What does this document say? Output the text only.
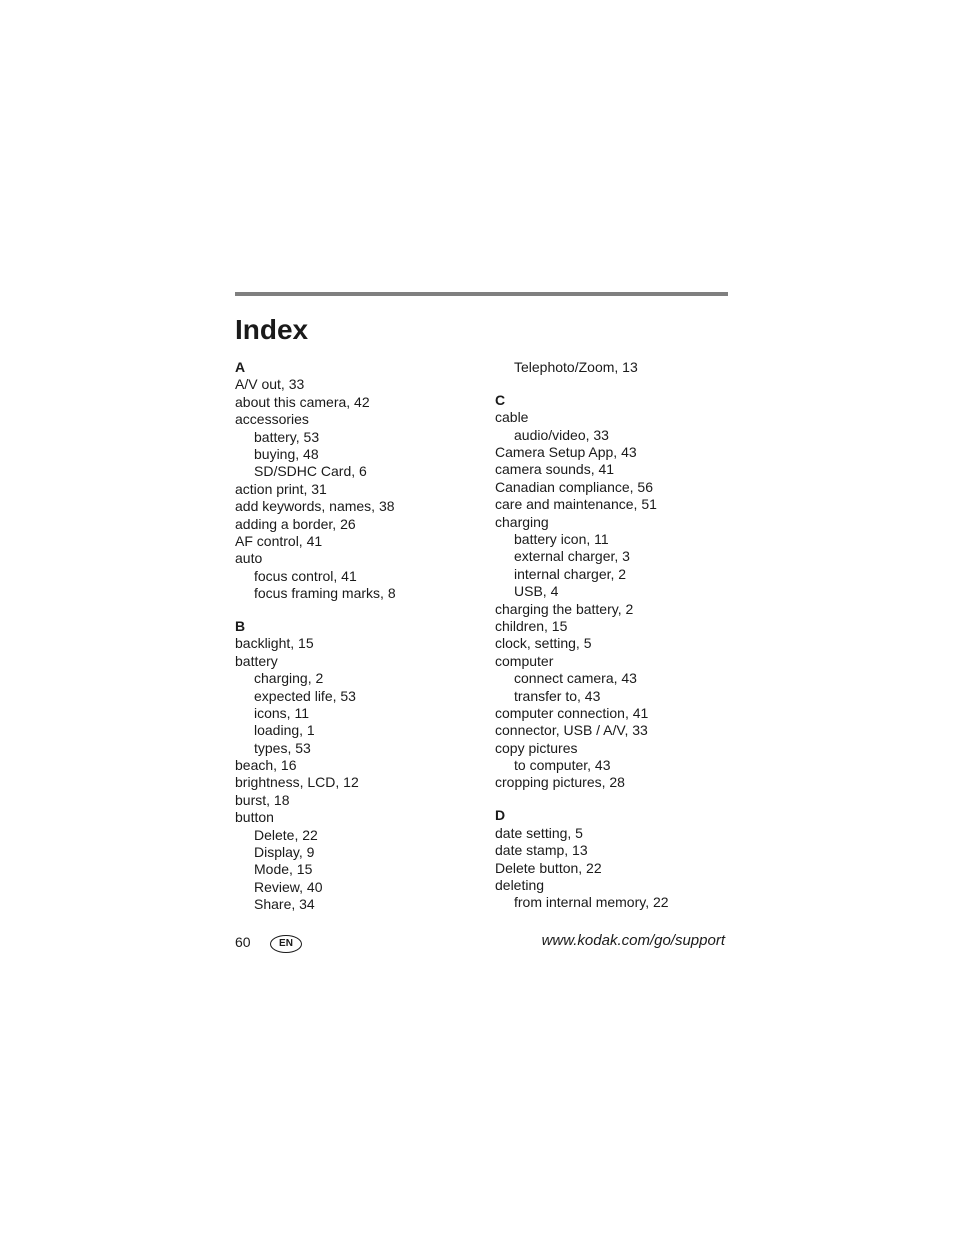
Index
A
A/V out, 33
about this camera, 42
accessories
battery, 53
buying, 48
SD/SDHC Card, 6
action print, 31
add keywords, names, 38
adding a border, 26
AF control, 41
auto
focus control, 41
focus framing marks, 8
B
backlight, 15
battery
charging, 2
expected life, 53
icons, 11
loading, 1
types, 53
beach, 16
brightness, LCD, 12
burst, 18
button
Delete, 22
Display, 9
Mode, 15
Review, 40
Share, 34
Telephoto/Zoom, 13
C
cable
audio/video, 33
Camera Setup App, 43
camera sounds, 41
Canadian compliance, 56
care and maintenance, 51
charging
battery icon, 11
external charger, 3
internal charger, 2
USB, 4
charging the battery, 2
children, 15
clock, setting, 5
computer
connect camera, 43
transfer to, 43
computer connection, 41
connector, USB / A/V, 33
copy pictures
to computer, 43
cropping pictures, 28
D
date setting, 5
date stamp, 13
Delete button, 22
deleting
from internal memory, 22
60	EN	www.kodak.com/go/support
